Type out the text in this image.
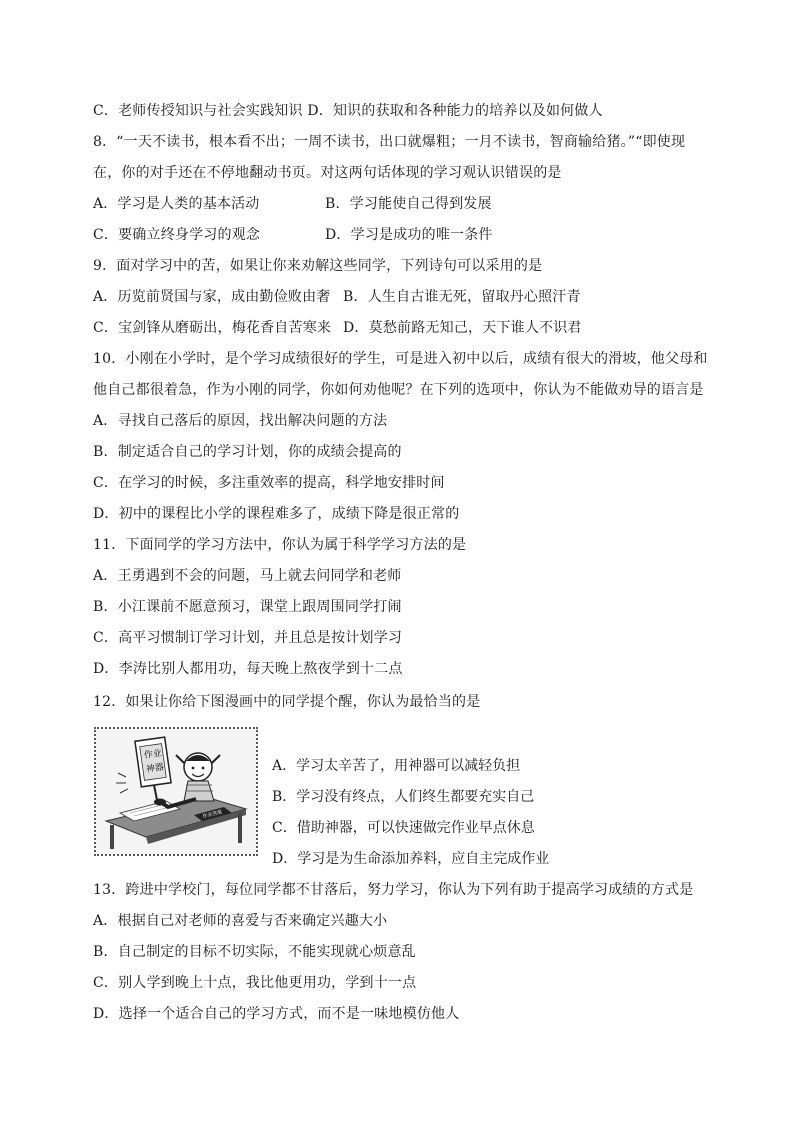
C．老师传授知识与社会实践知识 D．知识的获取和各种能力的培养以及如何做人
8．“一天不读书，根本看不出；一周不读书，出口就爆粗；一月不读书，智商输给猪。”“即使现
在，你的对手还在不停地翻动书页。对这两句话体现的学习观认识错误的是
A．学习是人类的基本活动	B．学习能使自己得到发展
C．要确立终身学习的观念	D．学习是成功的唯一条件
9．面对学习中的苦，如果让你来劝解这些同学，下列诗句可以采用的是
A．历览前贤国与家，成由勤俭败由奢 B．人生自古谁无死，留取丹心照汗青
C．宝剑锋从磨砺出，梅花香自苦寒来 D．莫愁前路无知己，天下谁人不识君
10．小刚在小学时，是个学习成绩很好的学生，可是进入初中以后，成绩有很大的滑坡，他父母和
他自己都很着急，作为小刚的同学，你如何劝他呢？在下列的选项中，你认为不能做劝导的语言是
A．寻找自己落后的原因，找出解决问题的方法
B．制定适合自己的学习计划，你的成绩会提高的
C．在学习的时候，多注重效率的提高，科学地安排时间
D．初中的课程比小学的课程难多了，成绩下降是很正常的
11．下面同学的学习方法中，你认为属于科学学习方法的是
A．王勇遇到不会的问题，马上就去问同学和老师
B．小江课前不愿意预习，课堂上跟周围同学打闹
C．高平习惯制订学习计划，并且总是按计划学习
D．李涛比别人都用功，每天晚上熬夜学到十二点
12．如果让你给下图漫画中的同学提个醒，你认为最恰当的是
作业答案
作业
神器	A．学习太辛苦了，用神器可以减轻负担
B．学习没有终点，人们终生都要充实自己
C．借助神器，可以快速做完作业早点休息
D．学习是为生命添加养料，应自主完成作业
13．跨进中学校门，每位同学都不甘落后，努力学习，你认为下列有助于提高学习成绩的方式是
A．根据自己对老师的喜爱与否来确定兴趣大小
B．自己制定的目标不切实际，不能实现就心烦意乱
C．别人学到晚上十点，我比他更用功，学到十一点
D．选择一个适合自己的学习方式，而不是一味地模仿他人
